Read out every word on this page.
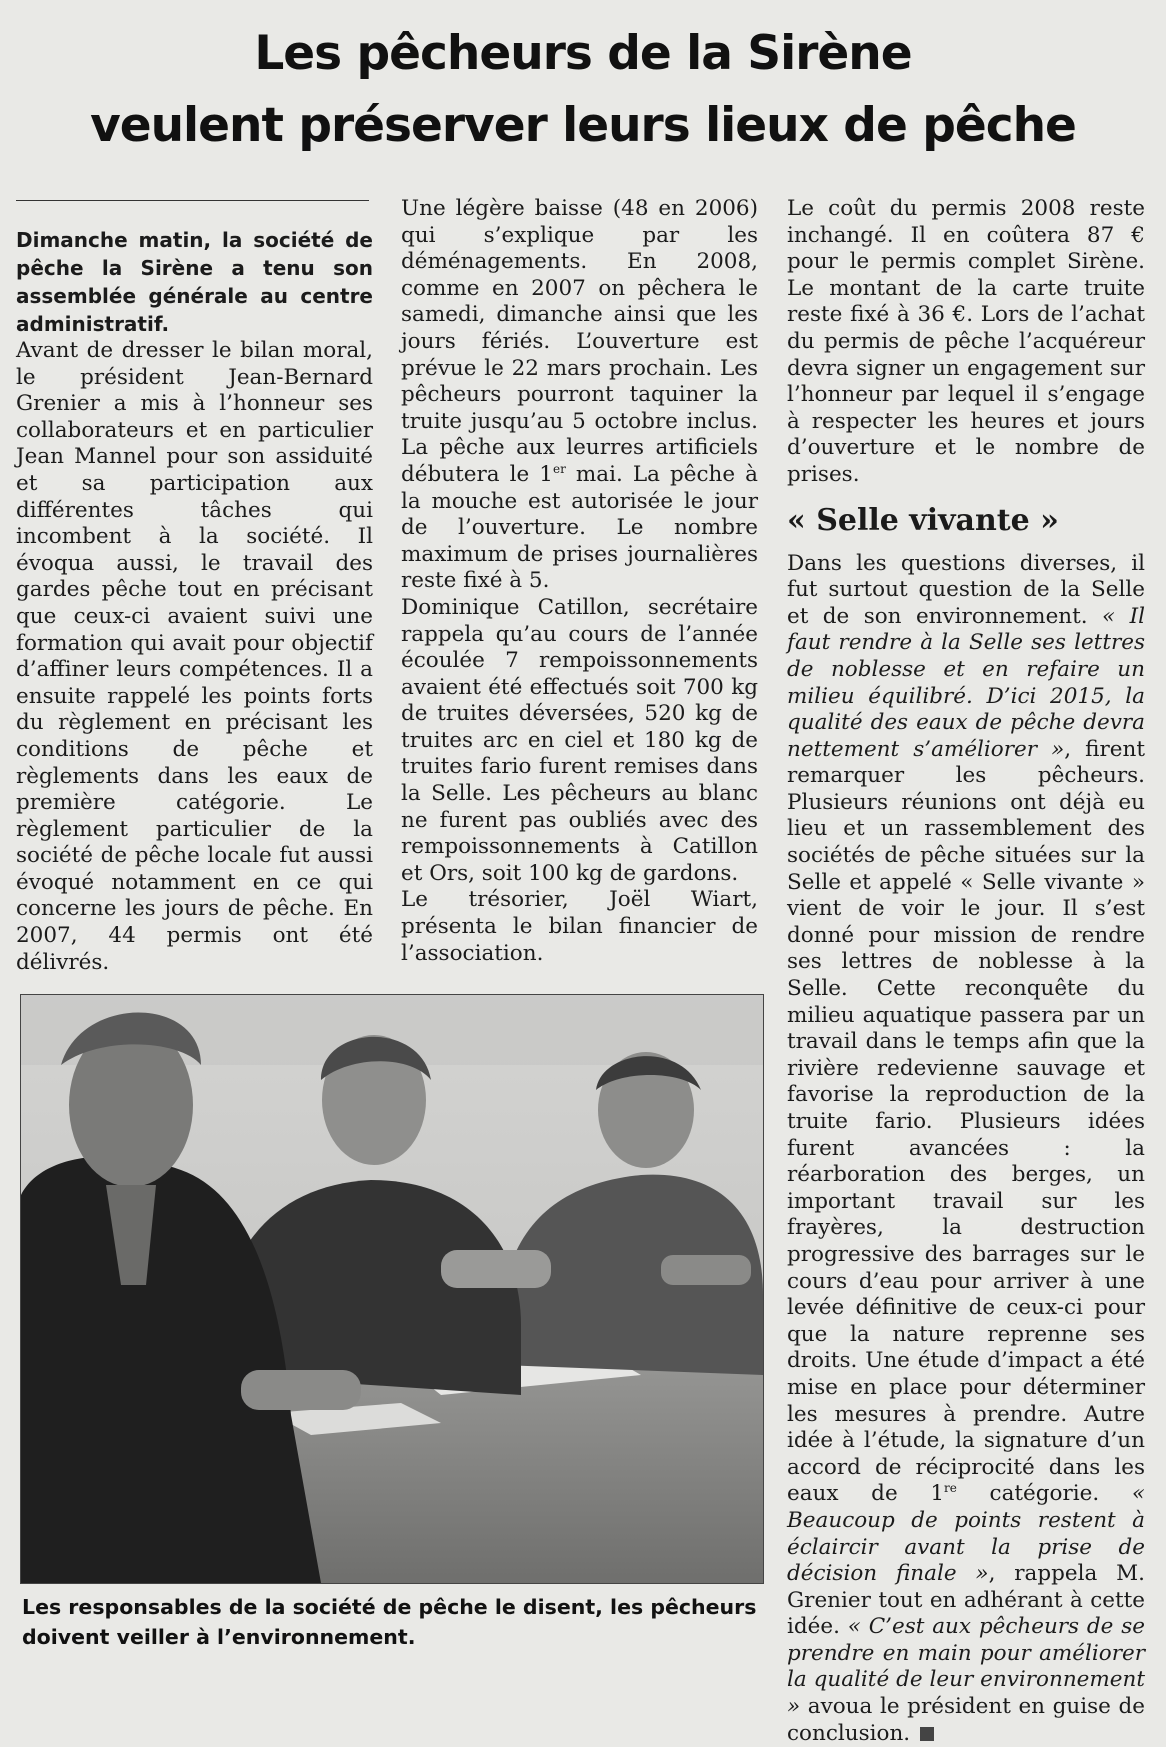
Les pêcheurs de la Sirène
veulent préserver leurs lieux de pêche

Dimanche matin, la société de pêche la Sirène a tenu son assemblée générale au centre administratif.

Avant de dresser le bilan moral, le président Jean-Bernard Grenier a mis à l’honneur ses collaborateurs et en particulier Jean Mannel pour son assiduité et sa participation aux différentes tâches qui incombent à la société. Il évoqua aussi, le travail des gardes pêche tout en précisant que ceux-ci avaient suivi une formation qui avait pour objectif d’affiner leurs compétences. Il a ensuite rappelé les points forts du règlement en précisant les conditions de pêche et règlements dans les eaux de première catégorie. Le règlement particulier de la société de pêche locale fut aussi évoqué notamment en ce qui concerne les jours de pêche. En 2007, 44 permis ont été délivrés.

Une légère baisse (48 en 2006) qui s’explique par les déménagements. En 2008, comme en 2007 on pêchera le samedi, dimanche ainsi que les jours fériés. L’ouverture est prévue le 22 mars prochain. Les pêcheurs pourront taquiner la truite jusqu’au 5 octobre inclus. La pêche aux leurres artificiels débutera le 1er mai. La pêche à la mouche est autorisée le jour de l’ouverture. Le nombre maximum de prises journalières reste fixé à 5.

Dominique Catillon, secrétaire rappela qu’au cours de l’année écoulée 7 rempoissonnements avaient été effectués soit 700 kg de truites déversées, 520 kg de truites arc en ciel et 180 kg de truites fario furent remises dans la Selle. Les pêcheurs au blanc ne furent pas oubliés avec des rempoissonnements à Catillon et Ors, soit 100 kg de gardons.

Le trésorier, Joël Wiart, présenta le bilan financier de l’association.

Le coût du permis 2008 reste inchangé. Il en coûtera 87 € pour le permis complet Sirène. Le montant de la carte truite reste fixé à 36 €. Lors de l’achat du permis de pêche l’acquéreur devra signer un engagement sur l’honneur par lequel il s’engage à respecter les heures et jours d’ouverture et le nombre de prises.

« Selle vivante »

Dans les questions diverses, il fut surtout question de la Selle et de son environnement. « Il faut rendre à la Selle ses lettres de noblesse et en refaire un milieu équilibré. D’ici 2015, la qualité des eaux de pêche devra nettement s’améliorer », firent remarquer les pêcheurs. Plusieurs réunions ont déjà eu lieu et un rassemblement des sociétés de pêche situées sur la Selle et appelé « Selle vivante » vient de voir le jour. Il s’est donné pour mission de rendre ses lettres de noblesse à la Selle. Cette reconquête du milieu aquatique passera par un travail dans le temps afin que la rivière redevienne sauvage et favorise la reproduction de la truite fario. Plusieurs idées furent avancées : la réarboration des berges, un important travail sur les frayères, la destruction progressive des barrages sur le cours d’eau pour arriver à une levée définitive de ceux-ci pour que la nature reprenne ses droits. Une étude d’impact a été mise en place pour déterminer les mesures à prendre. Autre idée à l’étude, la signature d’un accord de réciprocité dans les eaux de 1re catégorie. « Beaucoup de points restent à éclaircir avant la prise de décision finale », rappela M. Grenier tout en adhérant à cette idée. « C’est aux pêcheurs de se prendre en main pour améliorer la qualité de leur environnement » avoua le président en guise de conclusion.

Les responsables de la société de pêche le disent, les pêcheurs doivent veiller à l’environnement.
